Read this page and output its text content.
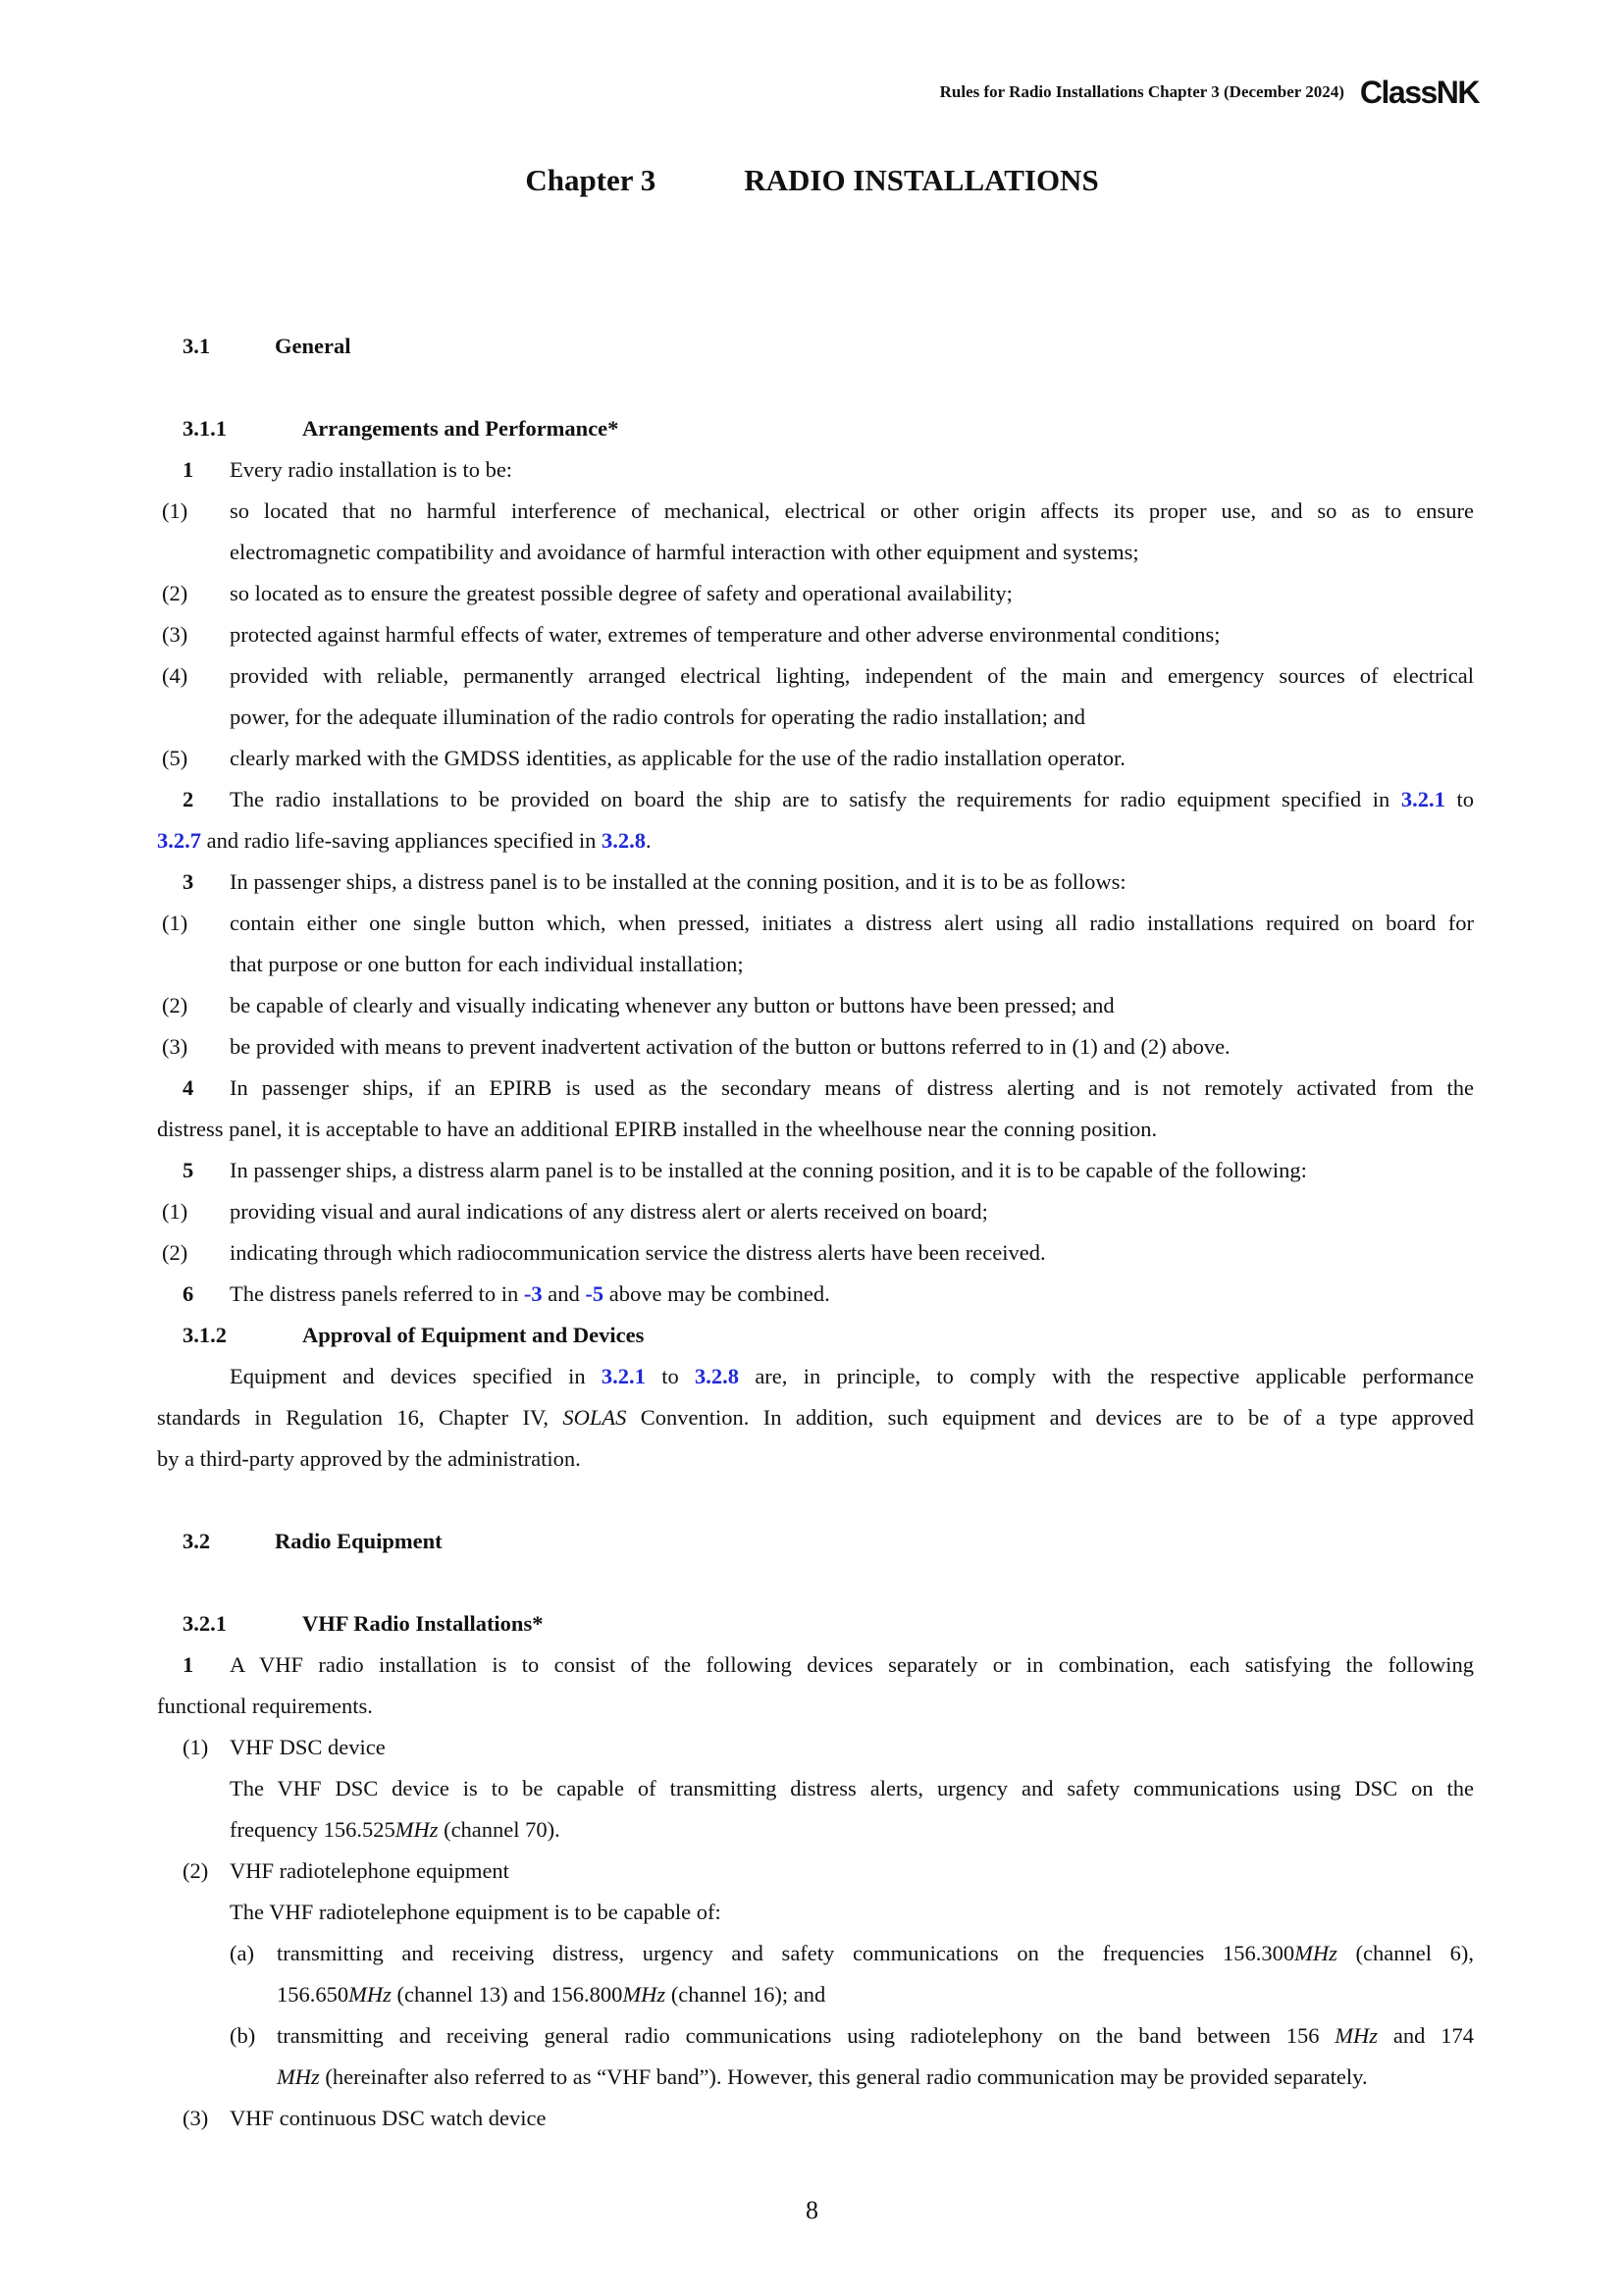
Rules for Radio Installations Chapter 3 (December 2024) ClassNK
Chapter 3	RADIO INSTALLATIONS
3.1	General
3.1.1	Arrangements and Performance*
1 Every radio installation is to be:
(1)	so located that no harmful interference of mechanical, electrical or other origin affects its proper use, and so as to ensure
electromagnetic compatibility and avoidance of harmful interaction with other equipment and systems;
(2)	so located as to ensure the greatest possible degree of safety and operational availability;
(3)	protected against harmful effects of water, extremes of temperature and other adverse environmental conditions;
(4)	provided with reliable, permanently arranged electrical lighting, independent of the main and emergency sources of electrical
power, for the adequate illumination of the radio controls for operating the radio installation; and
(5)	clearly marked with the GMDSS identities, as applicable for the use of the radio installation operator.
2 The radio installations to be provided on board the ship are to satisfy the requirements for radio equipment specified in 3.2.1 to
3.2.7 and radio life-saving appliances specified in 3.2.8.
3 In passenger ships, a distress panel is to be installed at the conning position, and it is to be as follows:
(1)	contain either one single button which, when pressed, initiates a distress alert using all radio installations required on board for
that purpose or one button for each individual installation;
(2)	be capable of clearly and visually indicating whenever any button or buttons have been pressed; and
(3)	be provided with means to prevent inadvertent activation of the button or buttons referred to in (1) and (2) above.
4 In passenger ships, if an EPIRB is used as the secondary means of distress alerting and is not remotely activated from the
distress panel, it is acceptable to have an additional EPIRB installed in the wheelhouse near the conning position.
5 In passenger ships, a distress alarm panel is to be installed at the conning position, and it is to be capable of the following:
(1)	providing visual and aural indications of any distress alert or alerts received on board;
(2)	indicating through which radiocommunication service the distress alerts have been received.
6 The distress panels referred to in -3 and -5 above may be combined.
3.1.2	Approval of Equipment and Devices
Equipment and devices specified in 3.2.1 to 3.2.8 are, in principle, to comply with the respective applicable performance
standards in Regulation 16, Chapter IV, SOLAS Convention. In addition, such equipment and devices are to be of a type approved
by a third-party approved by the administration.
3.2	Radio Equipment
3.2.1	VHF Radio Installations*
1 A VHF radio installation is to consist of the following devices separately or in combination, each satisfying the following
functional requirements.
(1) VHF DSC device
The VHF DSC device is to be capable of transmitting distress alerts, urgency and safety communications using DSC on the
frequency 156.525MHz (channel 70).
(2) VHF radiotelephone equipment
The VHF radiotelephone equipment is to be capable of:
(a)	transmitting and receiving distress, urgency and safety communications on the frequencies 156.300MHz (channel 6),
156.650MHz (channel 13) and 156.800MHz (channel 16); and
(b) transmitting and receiving general radio communications using radiotelephony on the band between 156 MHz and 174
MHz (hereinafter also referred to as “VHF band”). However, this general radio communication may be provided separately.
(3) VHF continuous DSC watch device
8
